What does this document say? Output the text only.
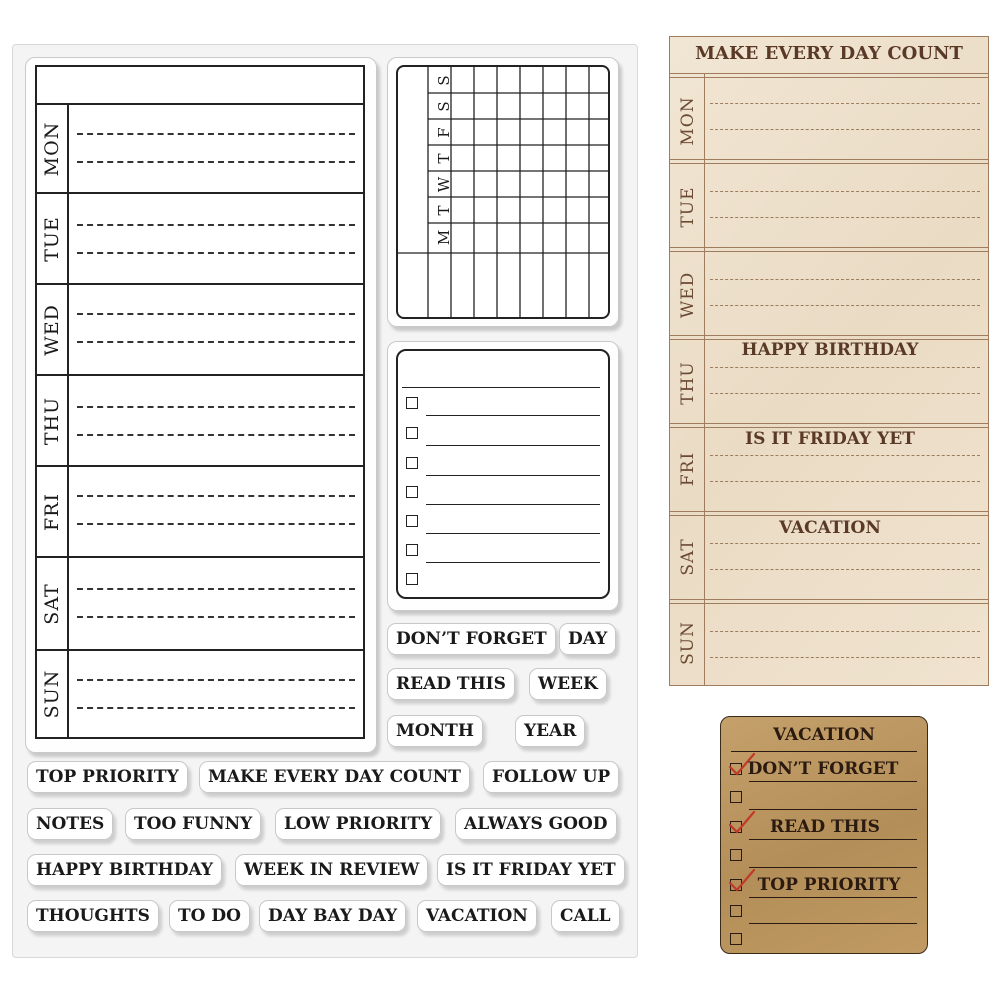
MON
TUE
WED
THU
FRI
SAT
SUN
M
T
W
T
F
S
S
DON’T FORGET	DAY
READ THIS	WEEK
MONTH	YEAR
TOP PRIORITY	MAKE EVERY DAY COUNT	FOLLOW UP
NOTES	TOO FUNNY	LOW PRIORITY	ALWAYS GOOD
HAPPY BIRTHDAY	WEEK IN REVIEW	IS IT FRIDAY YET
THOUGHTS	TO DO	DAY BAY DAY	VACATION	CALL
MAKE EVERY DAY COUNT
MON
TUE
WED
THU
HAPPY BIRTHDAY
FRI
IS IT FRIDAY YET
SAT
VACATION
SUN
VACATION
DON’T FORGET
READ THIS
TOP PRIORITY
